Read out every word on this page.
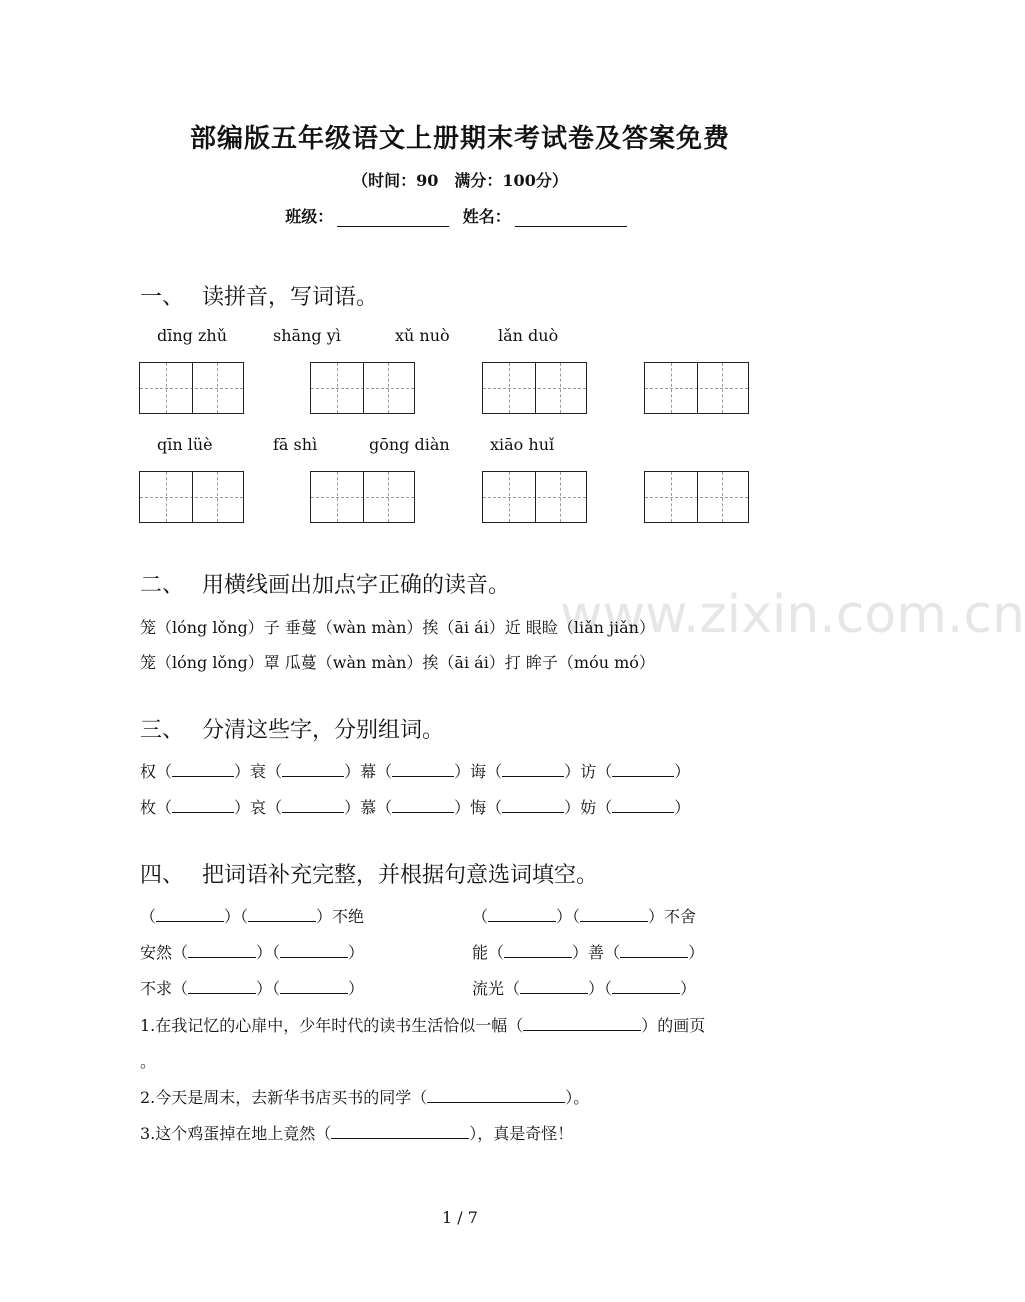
www.zixin.com.cn
部编版五年级语文上册期末考试卷及答案免费
（时间：90　满分：100分）
班级：	姓名：
一、 读拼音，写词语。
dīng zhǔ	shāng yì	xǔ nuò	lǎn duò
qīn lüè	fā shì	gōng diàn	xiāo huǐ
二、 用横线画出加点字正确的读音。
笼（lóng lǒng）子 垂蔓（wàn màn）挨（āi ái）近 眼睑（liǎn jiǎn）
笼（lóng lǒng）罩 瓜蔓（wàn màn）挨（āi ái）打 眸子（móu mó）
三、 分清这些字，分别组词。
权（	）衰（	）幕（	）诲（	）访（	）
枚（	）哀（	）慕（	）悔（	）妨（	）
四、 把词语补充完整，并根据句意选词填空。
（	）（	）不绝	（	）（	）不舍
安然（	）（	）	能（	）善（	）
不求（	）（	）	流光（	）（	）
1.在我记忆的心扉中，少年时代的读书生活恰似一幅（	）的画页
。
2.今天是周末，去新华书店买书的同学（	）。
3.这个鸡蛋掉在地上竟然（	），真是奇怪！
1 / 7
